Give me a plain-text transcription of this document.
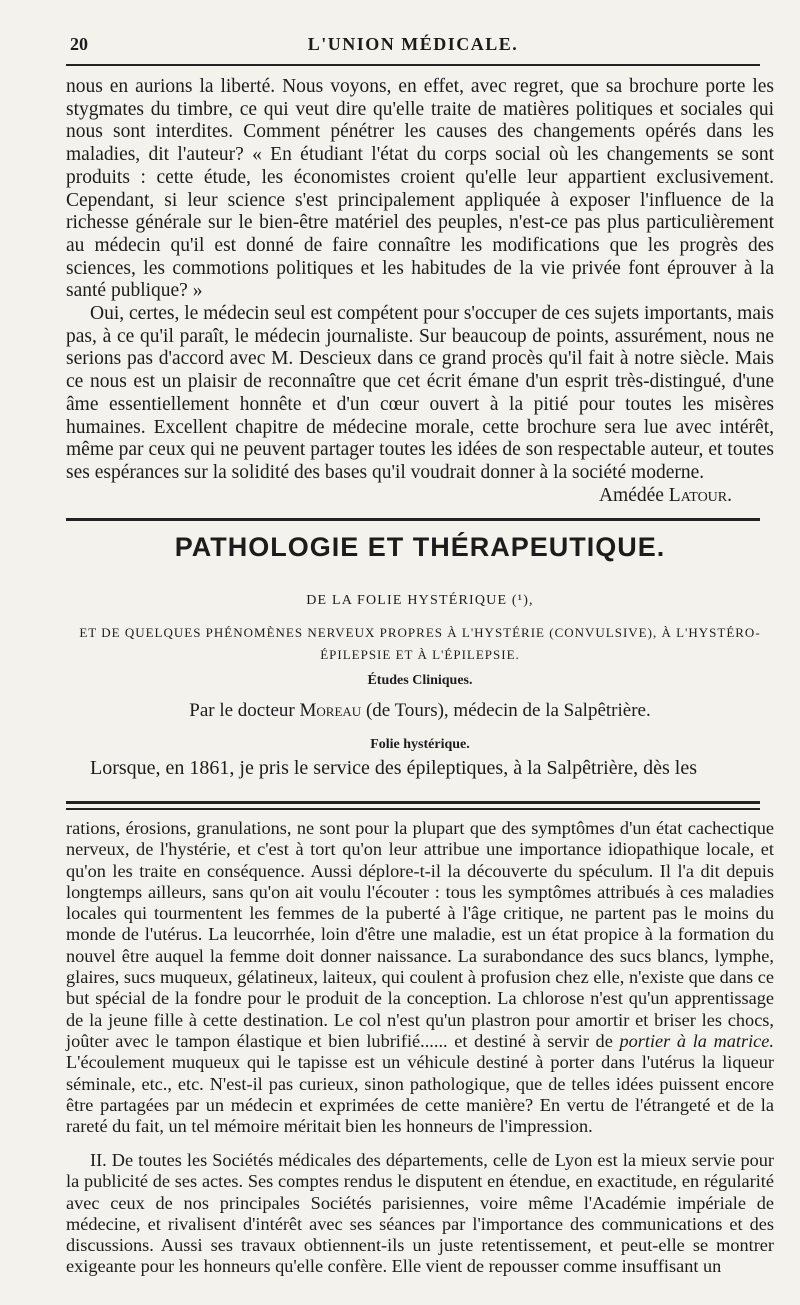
20	L'UNION MÉDICALE.

nous en aurions la liberté. Nous voyons, en effet, avec regret, que sa brochure porte les stygmates du timbre, ce qui veut dire qu'elle traite de matières politiques et sociales qui nous sont interdites. Comment pénétrer les causes des changements opérés dans les maladies, dit l'auteur? « En étudiant l'état du corps social où les changements se sont produits : cette étude, les économistes croient qu'elle leur appartient exclusivement. Cependant, si leur science s'est principalement appliquée à exposer l'influence de la richesse générale sur le bien-être matériel des peuples, n'est-ce pas plus particulièrement au médecin qu'il est donné de faire connaître les modifications que les progrès des sciences, les commotions politiques et les habitudes de la vie privée font éprouver à la santé publique? »

Oui, certes, le médecin seul est compétent pour s'occuper de ces sujets importants, mais pas, à ce qu'il paraît, le médecin journaliste. Sur beaucoup de points, assurément, nous ne serions pas d'accord avec M. Descieux dans ce grand procès qu'il fait à notre siècle. Mais ce nous est un plaisir de reconnaître que cet écrit émane d'un esprit très-distingué, d'une âme essentiellement honnête et d'un cœur ouvert à la pitié pour toutes les misères humaines. Excellent chapitre de médecine morale, cette brochure sera lue avec intérêt, même par ceux qui ne peuvent partager toutes les idées de son respectable auteur, et toutes ses espérances sur la solidité des bases qu'il voudrait donner à la société moderne.
Amédée Latour.

PATHOLOGIE ET THÉRAPEUTIQUE.
DE LA FOLIE HYSTÉRIQUE (¹),
ET DE QUELQUES PHÉNOMÈNES NERVEUX PROPRES À L'HYSTÉRIE (CONVULSIVE), À L'HYSTÉRO-ÉPILEPSIE ET À L'ÉPILEPSIE.
Études Cliniques.
Par le docteur Moreau (de Tours), médecin de la Salpêtrière.
Folie hystérique.

Lorsque, en 1861, je pris le service des épileptiques, à la Salpêtrière, dès les

rations, érosions, granulations, ne sont pour la plupart que des symptômes d'un état cachectique nerveux, de l'hystérie, et c'est à tort qu'on leur attribue une importance idiopathique locale, et qu'on les traite en conséquence. Aussi déplore-t-il la découverte du spéculum. Il l'a dit depuis longtemps ailleurs, sans qu'on ait voulu l'écouter : tous les symptômes attribués à ces maladies locales qui tourmentent les femmes de la puberté à l'âge critique, ne partent pas le moins du monde de l'utérus. La leucorrhée, loin d'être une maladie, est un état propice à la formation du nouvel être auquel la femme doit donner naissance. La surabondance des sucs blancs, lymphe, glaires, sucs muqueux, gélatineux, laiteux, qui coulent à profusion chez elle, n'existe que dans ce but spécial de la fondre pour le produit de la conception. La chlorose n'est qu'un apprentissage de la jeune fille à cette destination. Le col n'est qu'un plastron pour amortir et briser les chocs, joûter avec le tampon élastique et bien lubrifié...... et destiné à servir de portier à la matrice. L'écoulement muqueux qui le tapisse est un véhicule destiné à porter dans l'utérus la liqueur séminale, etc., etc. N'est-il pas curieux, sinon pathologique, que de telles idées puissent encore être partagées par un médecin et exprimées de cette manière? En vertu de l'étrangeté et de la rareté du fait, un tel mémoire méritait bien les honneurs de l'impression.

II. De toutes les Sociétés médicales des départements, celle de Lyon est la mieux servie pour la publicité de ses actes. Ses comptes rendus le disputent en étendue, en exactitude, en régularité avec ceux de nos principales Sociétés parisiennes, voire même l'Académie impériale de médecine, et rivalisent d'intérêt avec ses séances par l'importance des communications et des discussions. Aussi ses travaux obtiennent-ils un juste retentissement, et peut-elle se montrer exigeante pour les honneurs qu'elle confère. Elle vient de repousser comme insuffisant un
